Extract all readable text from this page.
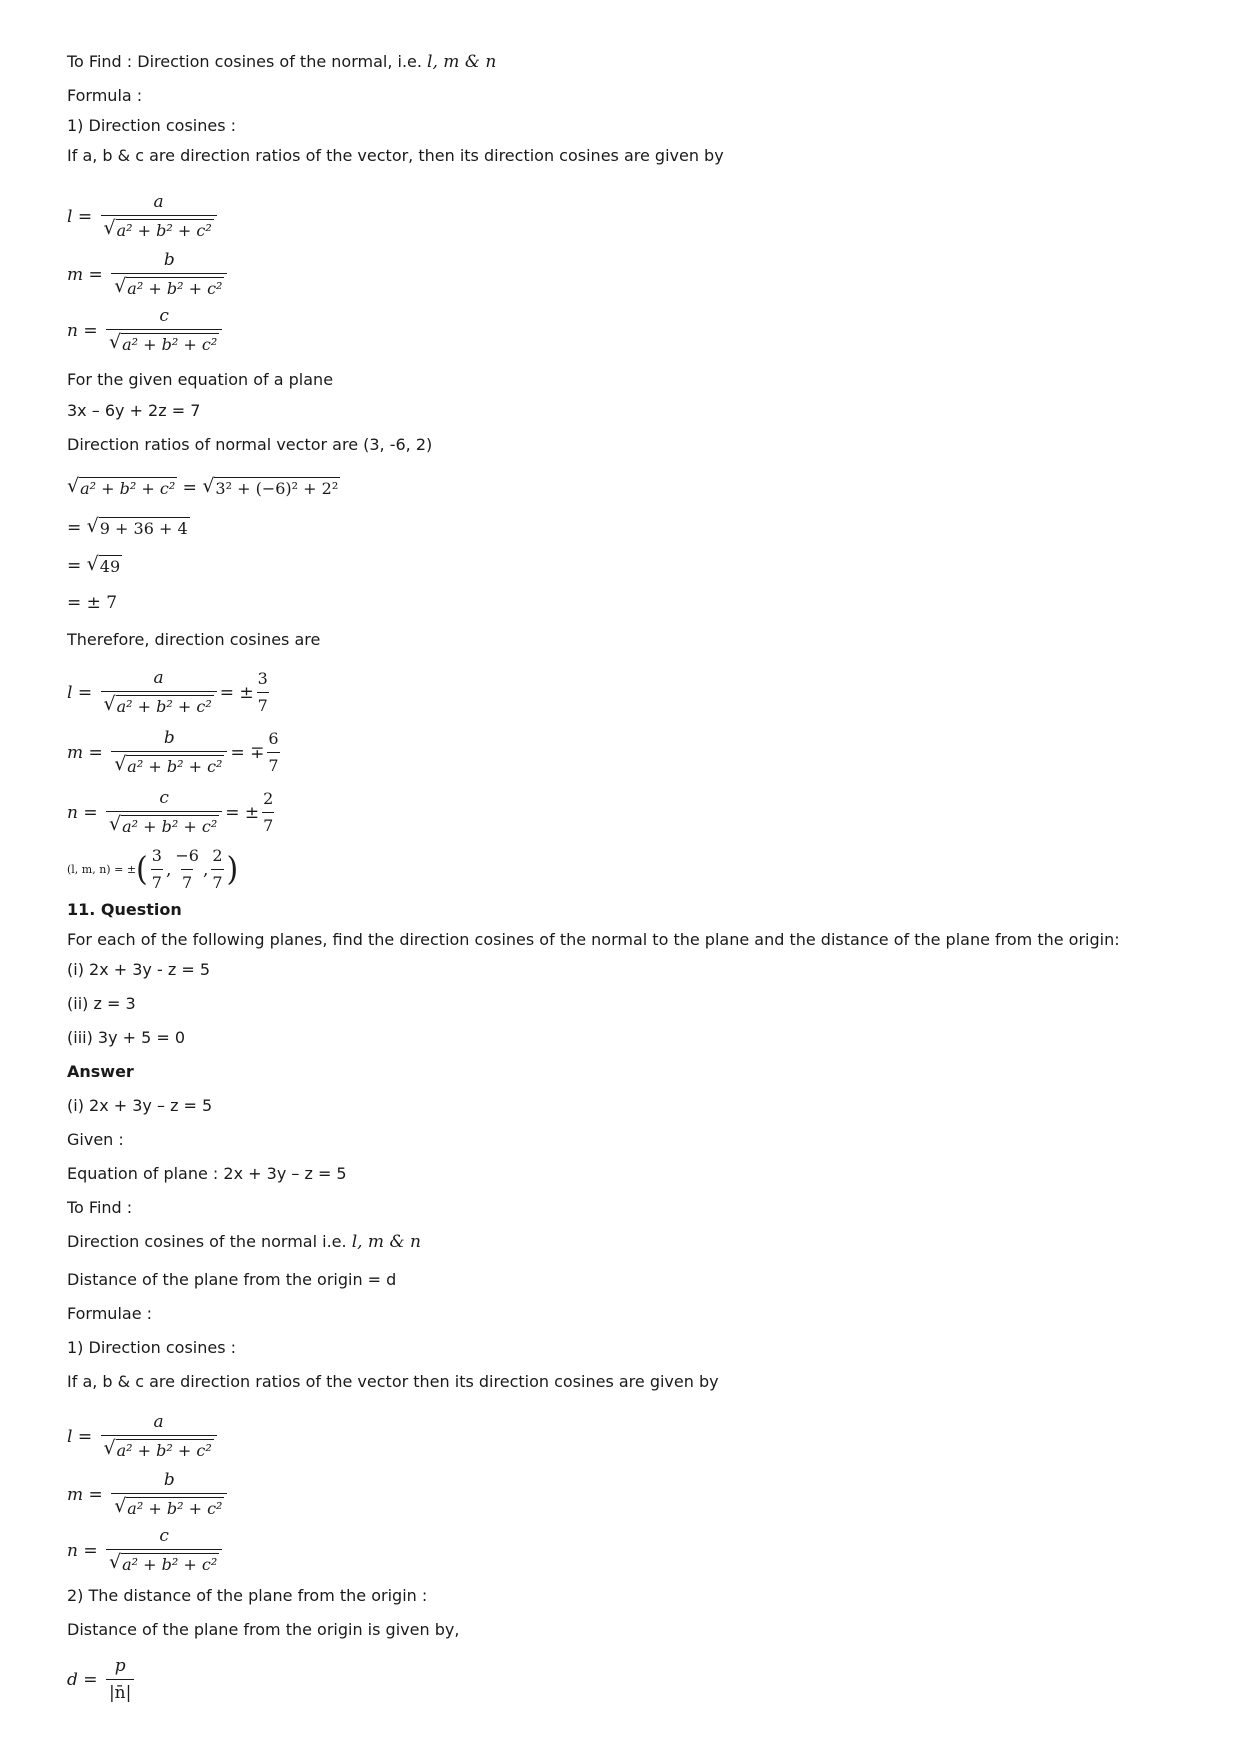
To Find : Direction cosines of the normal, i.e. l, m & n
Formula :
1) Direction cosines :
If a, b & c are direction ratios of the vector, then its direction cosines are given by
$l = \frac{a}{\text{√ a² + b² + c²}}$
$m = \frac{b}{\text{√ a² + b² + c²}}$
$n = \frac{c}{\text{√ a² + b² + c²}}$
For the given equation of a plane
3x – 6y + 2z = 7
Direction ratios of normal vector are (3, -6, 2)
√ a² + b² + c² = √ 3² + (−6)² + 2²
= √ 9 + 36 + 4
= √ 49
= ± 7
Therefore, direction cosines are
$l = \frac{a}{\text{√ a² + b² + c²}}$ = ± $\frac{3}{7}$
$m = \frac{b}{\text{√ a² + b² + c²}}$ = ∓ $\frac{6}{7}$
$n = \frac{c}{\text{√ a² + b² + c²}}$ = ± $\frac{2}{7}$
(l, m, n) = ± ( $\frac{3}{7}$ , $\frac{-6}{7}$ , $\frac{2}{7}$ )
11. Question
For each of the following planes, find the direction cosines of the normal to the plane and the distance of the plane from the origin:
(i) 2x + 3y - z = 5
(ii) z = 3
(iii) 3y + 5 = 0
Answer
(i) 2x + 3y – z = 5
Given :
Equation of plane : 2x + 3y – z = 5
To Find :
Direction cosines of the normal i.e. l, m & n
Distance of the plane from the origin = d
Formulae :
1) Direction cosines :
If a, b & c are direction ratios of the vector then its direction cosines are given by
$l = \frac{a}{\text{√ a² + b² + c²}}$
$m = \frac{b}{\text{√ a² + b² + c²}}$
$n = \frac{c}{\text{√ a² + b² + c²}}$
2) The distance of the plane from the origin :
Distance of the plane from the origin is given by,
$d = \frac{p}{|n̄|}$
